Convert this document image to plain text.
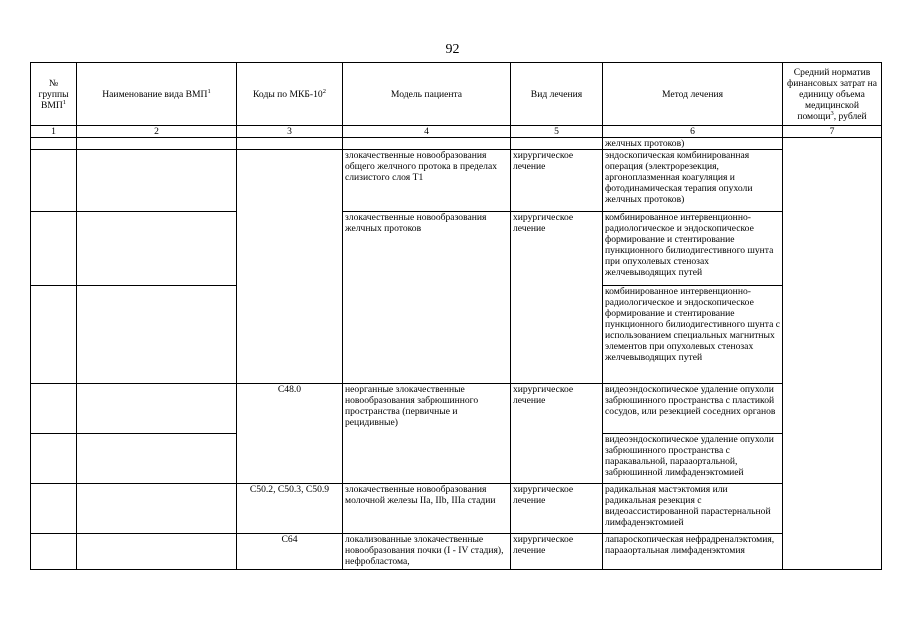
92
№ группы ВМП$^1$	Наименование вида ВМП$^1$	Коды по МКБ-$10^2$	Модель пациента	Вид лечения	Метод лечения	Средний норматив финансовых затрат на единицу объема медицинской помощи$^3$, рублей
1	2	3	4	5	6	7
					желчных протоков)	
			злокачественные новообразования общего желчного протока в пределах слизистого слоя T1	хирургическое лечение	эндоскопическая комбинированная операция (электрорезекция, аргоноплазменная коагуляция и фотодинамическая терапия опухоли желчных протоков)	
			злокачественные новообразования желчных протоков	хирургическое лечение	комбинированное интервенционно-радиологическое и эндоскопическое формирование и стентирование пункционного билиодигестивного шунта при опухолевых стенозах желчевыводящих путей	
					комбинированное интервенционно-радиологическое и эндоскопическое формирование и стентирование пункционного билиодигестивного шунта с использованием специальных магнитных элементов при опухолевых стенозах желчевыводящих путей	
		C48.0	неорганные злокачественные новообразования забрюшинного пространства (первичные и рецидивные)	хирургическое лечение	видеоэндоскопическое удаление опухоли забрюшинного пространства с пластикой сосудов, или резекцией соседних органов	
					видеоэндоскопическое удаление опухоли забрюшинного пространства с паракавальной, парааортальной, забрюшинной лимфаденэктомией	
		C50.2, C50.3, C50.9	злокачественные новообразования молочной железы IIa, IIb, IIIa стадии	хирургическое лечение	радикальная мастэктомия или радикальная резекция с видеоассистированной парастернальной лимфаденэктомией	
		C64	локализованные злокачественные новообразования почки (I - IV стадия), нефробластома,	хирургическое лечение	лапароскопическая нефрадреналэктомия, парааортальная лимфаденэктомия	
